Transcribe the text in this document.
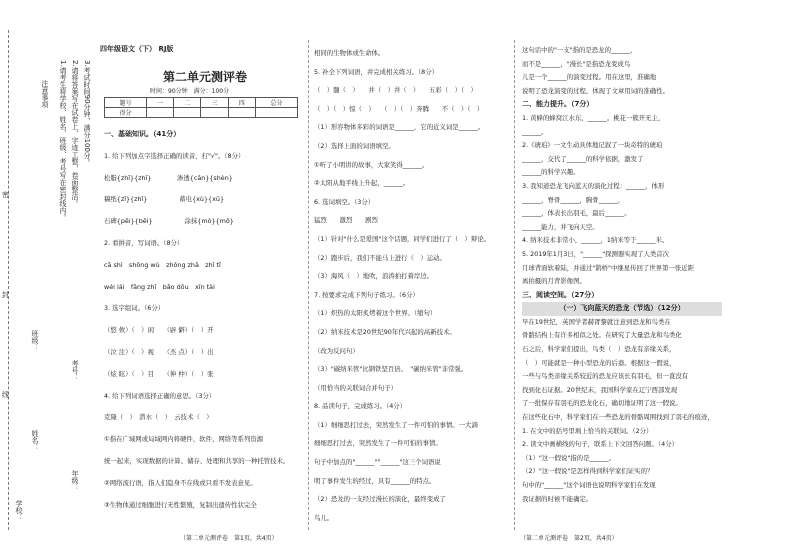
注意事项 1.请考生将学校、姓名、班级、考号写在密封线内。 2.请将答案写在试卷上，字迹工整，卷面整洁。 3.考试时间90分钟，满分100分。
班级：
姓名：
考号：
学校：
年级：
密
封
线
四年级语文（下） RJ版
第二单元测评卷
时间：90分钟　满分：100分
题号	一	二	三	四	总分
得分					

一、基础知识。（41分）

1. 给下列加点字选择正确的读音，打"√"。（8分）

松脂{zhī}{zhǐ}　　　　渗透{cān}{shèn}

稿纸{zǐ}{zhǐ}　　　　　蓄电{xù}{xū}

石碑{pēi}{bēi}　　　　　涂抹{mò}{mǒ}

2. 看拼音，写词语。（8分）

cā shì　shōng wù　zhōng zhā　zhǐ tǐ　　

wéi lái　fāng zhī　bǎo dǒu　xīn tài

3. 选字组词。（6分）

（悠 攸）（　）闲　　（辟 僻）（　）开

（泣 注）（　）视　　（杰 点）（　）出

（炫 眩）（　）目　　（伸 仲）（　）张

4. 给下列词语选择正确的意思。（3分）

克隆（　）　潜水（　）　云技术（　）

①指在广域网或局域网内将硬件、软件、网络等系列资源

统一起来，实现数据的计算、储存、处理和共享的一种托管技术。

②网络流行语，指人们隐身不在线或只看不发表意见。

③生物体通过细胞进行无性繁殖，复制出遗传性状完全

相同的生物体或生命体。

5. 补全下列词语，并完成相关练习。（8分）

（　）髓（　）　　井（　）井（　）　　五彩（　）（　）

（　）（　）惊（　）　　（　）（　）奔腾　　不（　）（　）

（1）形容物体多彩的词语是______，它的近义词是______。

（2）选择上面的词语填空。

①听了小明讲的故事，大家笑得______。

②太阳从地平线上升起，______。

6. 选词填空。（3分）

猛烈　　激烈　　剧烈

（1）针对"什么是爱国"这个话题，同学们进行了（　）辩论。

（2）跑步后，我们不能马上进行（　）运动。

（3）海风（　）地吹，浪涛拍打着岸边。

7. 按要求完成下列句子练习。（6分）

（1）炽热的太阳炙烤着这个世界。（缩句）

（2）纳米技术是20世纪90年代兴起的高新技术。

（改为反问句）

（3）"碳纳米管"比钢铁坚百倍。　"碳纳米管"非常强。

（用恰当的关联词合并句子）

8. 品读句子，完成练习。（4分）

（1）细细思打过去，突然发生了一件可怕的事情。一大滴

细细思打过去，突然发生了一件可怕的事情。

句子中加点的"______""______"这三个词语说

明了事件发生的经过，具有______的特点。

（2）恐龙的一支经过漫长的演化，最终变成了

鸟儿。

这句话中的"一支"指的是恐龙的______，

而不是______，"漫长"是指恐龙变成鸟

儿是一个______的演变过程。用在这里，准确地

说明了恐龙演变的过程，体现了文章用词的准确性。

二、能力提升。（7分）

1. 黄蜂的蜂窝江水东，______。桃花一簇开无主，

______。

2.《琥珀》一文生动具体地记叙了一块奇特的琥珀

______，交代了______的科学依据，激发了

______的科学兴趣。

3. 我知道恐龙飞向蓝天的演化过程：______，体形

______，脊骨______，胸骨______，

______，体表长出羽毛，最后______。

______能力，并飞向天空。

4. 纳米技术非常小，______，1纳米等于______米。

5. 2019年1月3日，"______"探测器实现了人类首次

月球背面软着陆，并通过"鹊桥"中继星传回了世界第一张近距

离拍摄的月背影像图。

三、阅读空间。（27分）

（一）飞向蓝天的恐龙（节选）（12分）

早在19世纪，英国学者赫胥黎就注意到恐龙和鸟类在

骨骼结构上有许多相似之处。在研究了大量恐龙和鸟类化

石之后，科学家们提出，鸟类（　）恐龙有亲缘关系，

（　）可能就是一种小型恐龙的后裔。根据这一假说，

一些与鸟类亲缘关系较近的恐龙应该长有羽毛，但一直没有

找到化石证据。20世纪末，我国科学家在辽宁西部发现

了一批保存有羽毛的恐龙化石，确切地证明了这一假说。

在这些化石中，科学家们在一些恐龙的骨骼周围找到了羽毛的痕迹，

1. 在文中的括号里填上恰当的关联词。（2分）

2. 读文中画横线的句子，联系上下文回答问题。（4分）

（1）"这一假说"指的是______。

（2）"这一假说"是怎样得到科学家们证实的？

句中的"______"这个词语也说明科学家们在发现

我证据的时候不能确定。

（第二单元测评卷　第1页，共4页）	（第二单元测评卷　第2页，共4页）
